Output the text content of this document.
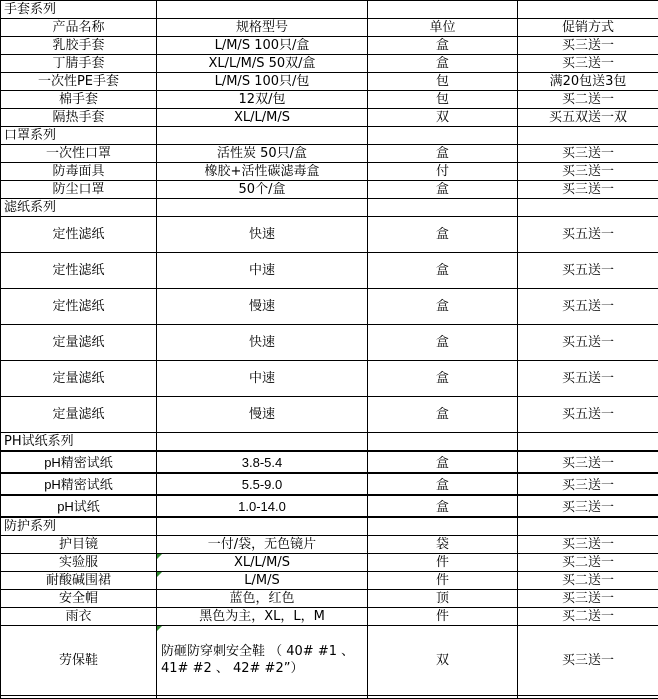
手套系列			
产品名称	规格型号	单位	促销方式
乳胶手套	L/M/S 100只/盒	盒	买三送一
丁腈手套	XL/L/M/S 50双/盒	盒	买三送一
一次性PE手套	L/M/S 100只/包	包	满20包送3包
棉手套	12双/包	包	买二送一
隔热手套	XL/L/M/S	双	买五双送一双
口罩系列			
一次性口罩	活性炭 50只/盒	盒	买三送一
防毒面具	橡胶+活性碳滤毒盒	付	买三送一
防尘口罩	50个/盒	盒	买三送一
滤纸系列			
定性滤纸	快速	盒	买五送一
定性滤纸	中速	盒	买五送一
定性滤纸	慢速	盒	买五送一
定量滤纸	快速	盒	买五送一
定量滤纸	中速	盒	买五送一
定量滤纸	慢速	盒	买五送一
PH试纸系列			
pH精密试纸	3.8-5.4	盒	买三送一
pH精密试纸	5.5-9.0	盒	买三送一
pH试纸	1.0-14.0	盒	买三送一
防护系列			
护目镜	一付/袋，无色镜片	袋	买三送一
实验服	XL/L/M/S	件	买二送一
耐酸碱围裙	L/M/S	件	买二送一
安全帽	蓝色，红色	顶	买三送一
雨衣	黑色为主，XL，L，M	件	买二送一
劳保鞋	防砸防穿刺安全鞋 （ 40# #1 、 41# #2 、 42# #2”）	双	买三送一
